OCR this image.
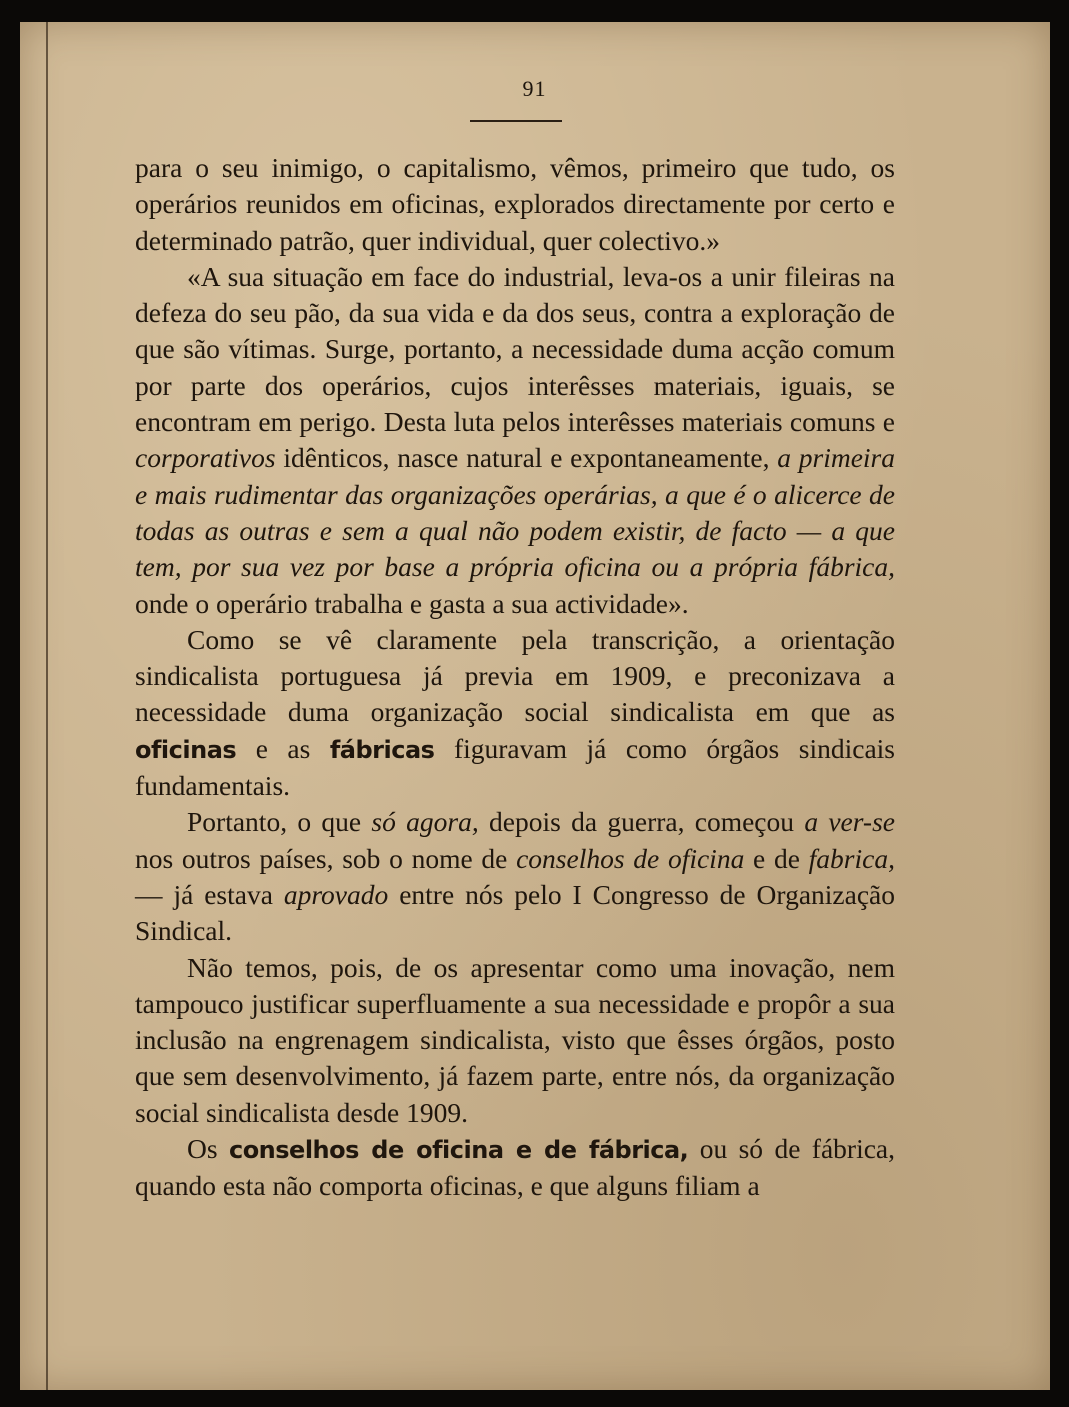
91

para o seu inimigo, o capitalismo, vêmos, primeiro que tudo, os operários reunidos em oficinas, explorados directamente por certo e determinado patrão, quer individual, quer colectivo.»

«A sua situação em face do industrial, leva-os a unir fileiras na defeza do seu pão, da sua vida e da dos seus, contra a exploração de que são vítimas. Surge, portanto, a necessidade duma acção comum por parte dos operários, cujos interêsses materiais, iguais, se encontram em perigo. Desta luta pelos interêsses materiais comuns e corporativos idênticos, nasce natural e expontaneamente, a primeira e mais rudimentar das organizações operárias, a que é o alicerce de todas as outras e sem a qual não podem existir, de facto — a que tem, por sua vez por base a própria oficina ou a própria fábrica, onde o operário trabalha e gasta a sua actividade».

Como se vê claramente pela transcrição, a orientação sindicalista portuguesa já previa em 1909, e preconizava a necessidade duma organização social sindicalista em que as oficinas e as fábricas figuravam já como órgãos sindicais fundamentais.

Portanto, o que só agora, depois da guerra, começou a ver-se nos outros países, sob o nome de conselhos de oficina e de fabrica, — já estava aprovado entre nós pelo I Congresso de Organização Sindical.

Não temos, pois, de os apresentar como uma inovação, nem tampouco justificar superfluamente a sua necessidade e propôr a sua inclusão na engrenagem sindicalista, visto que êsses órgãos, posto que sem desenvolvimento, já fazem parte, entre nós, da organização social sindicalista desde 1909.

Os conselhos de oficina e de fábrica, ou só de fábrica, quando esta não comporta oficinas, e que alguns filiam a
